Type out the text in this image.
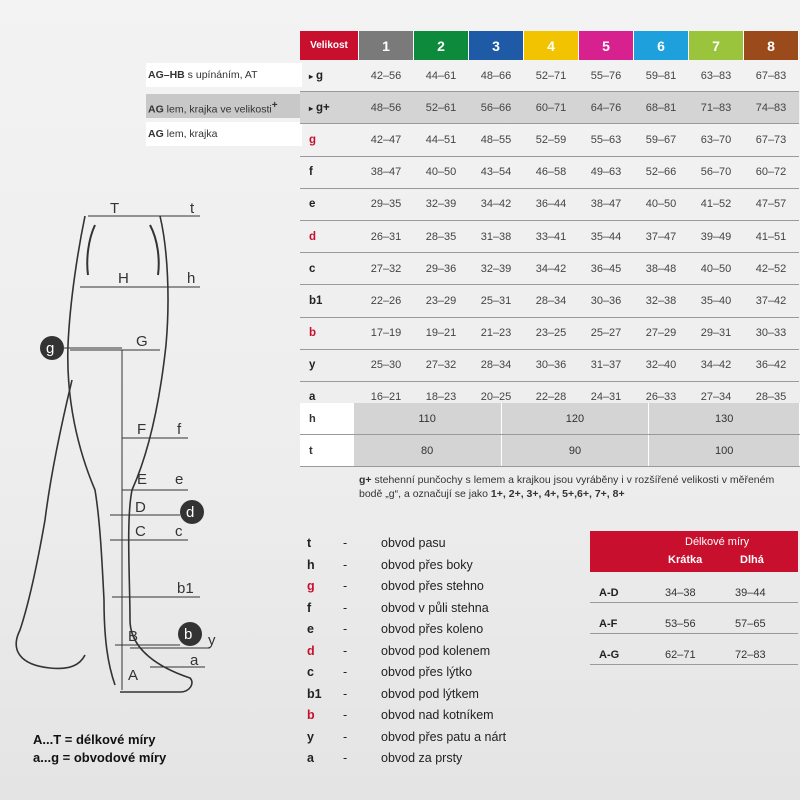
AG–HB s upínáním, AT
AG lem, krajka ve velikosti+
AG lem, krajka
Velikost	1	2	3	4	5	6	7	8
▸ g	42–56	44–61	48–66	52–71	55–76	59–81	63–83	67–83
▸ g+	48–56	52–61	56–66	60–71	64–76	68–81	71–83	74–83
g	42–47	44–51	48–55	52–59	55–63	59–67	63–70	67–73
f	38–47	40–50	43–54	46–58	49–63	52–66	56–70	60–72
e	29–35	32–39	34–42	36–44	38–47	40–50	41–52	47–57
d	26–31	28–35	31–38	33–41	35–44	37–47	39–49	41–51
c	27–32	29–36	32–39	34–42	36–45	38–48	40–50	42–52
b1	22–26	23–29	25–31	28–34	30–36	32–38	35–40	37–42
b	17–19	19–21	21–23	23–25	25–27	27–29	29–31	30–33
y	25–30	27–32	28–34	30–36	31–37	32–40	34–42	36–42
a	16–21	18–23	20–25	22–28	24–31	26–33	27–34	28–35
h	110	120	130
t	80	90	100
g+ stehenní punčochy s lemem a krajkou jsou vyráběny i v rozšířené velikosti v měřeném bodě „g“, a označují se jako 1+, 2+, 3+, 4+, 5+,6+, 7+, 8+
t	-	obvod pasu
h	-	obvod přes boky
g	-	obvod přes stehno
f	-	obvod v půli stehna
e	-	obvod přes koleno
d	-	obvod pod kolenem
c	-	obvod přes lýtko
b1	-	obvod pod lýtkem
b	-	obvod nad kotníkem
y	-	obvod přes patu a nárt
a	-	obvod za prsty
Délkové míry
Krátka	Dlhá
A-D	34–38	39–44
A-F	53–56	57–65
A-G	62–71	72–83
A...T = délkové míry
a...g = obvodové míry
T	t
H	h
G
F f
E e
D
C c
b1
B	y
A
a
g
d
b
